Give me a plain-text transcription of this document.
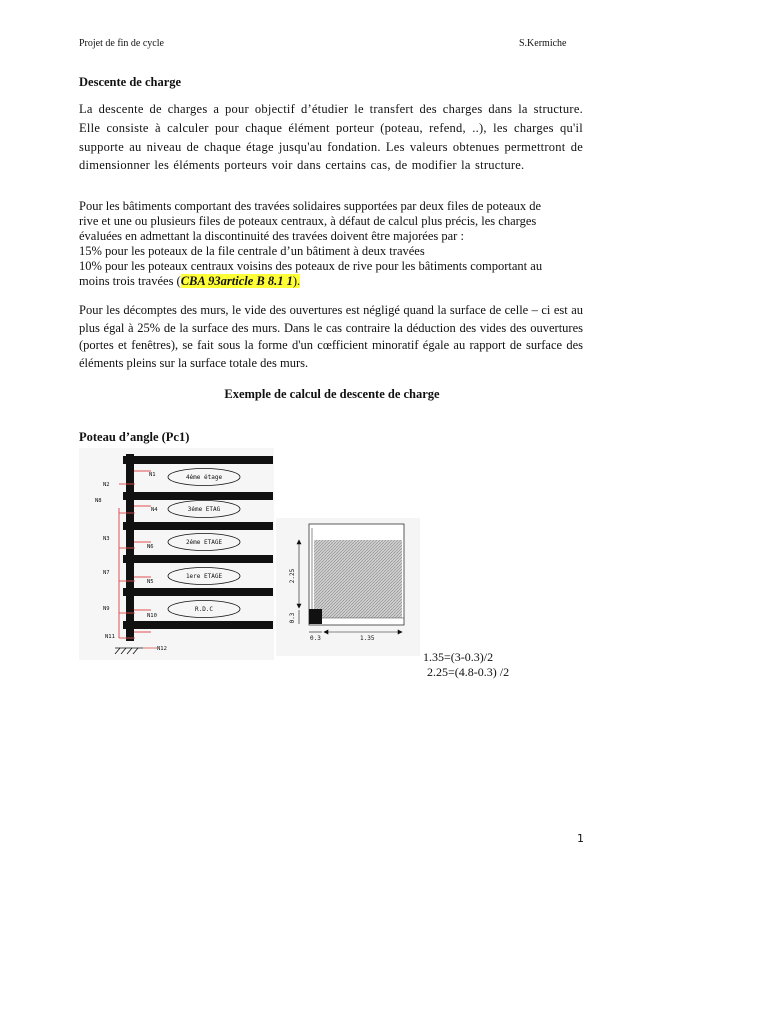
Projet de fin de cycle	S.Kermiche
Descente de charge
La descente de charges a pour objectif d’étudier le transfert des charges dans la structure. Elle consiste à calculer pour chaque élément porteur (poteau, refend, ..), les charges qu'il supporte au niveau de chaque étage jusqu'au fondation. Les valeurs obtenues permettront de dimensionner les éléments porteurs voir dans certains cas, de modifier la structure.
Pour les bâtiments comportant des travées solidaires supportées par deux files de poteaux de
rive et une ou plusieurs files de poteaux centraux, à défaut de calcul plus précis, les charges
évaluées en admettant la discontinuité des travées doivent être majorées par :
15% pour les poteaux de la file centrale d’un bâtiment à deux travées
10% pour les poteaux centraux voisins des poteaux de rive pour les bâtiments comportant au
moins trois travées (CBA 93article B 8.1 1).
Pour les décomptes des murs, le vide des ouvertures est négligé quand la surface de celle – ci est au plus égal à 25% de la surface des murs. Dans le cas contraire la déduction des vides des ouvertures (portes et fenêtres), se fait sous la forme d'un cœfficient minoratif égale au rapport de surface des éléments pleins sur la surface totale des murs.
Exemple de calcul de descente de charge
Poteau d’angle (Pc1)
4éme étage
3éme ETAG
2éme ETAGE
1ere ETAGE
R.D.C
N1
N2
N8
N4
N3
N6
N7
N5
N9
N10
N11
N12
2.25
0.3
0.3	1.35
1.35=(3-0.3)/2
2.25=(4.8-0.3) /2
1
